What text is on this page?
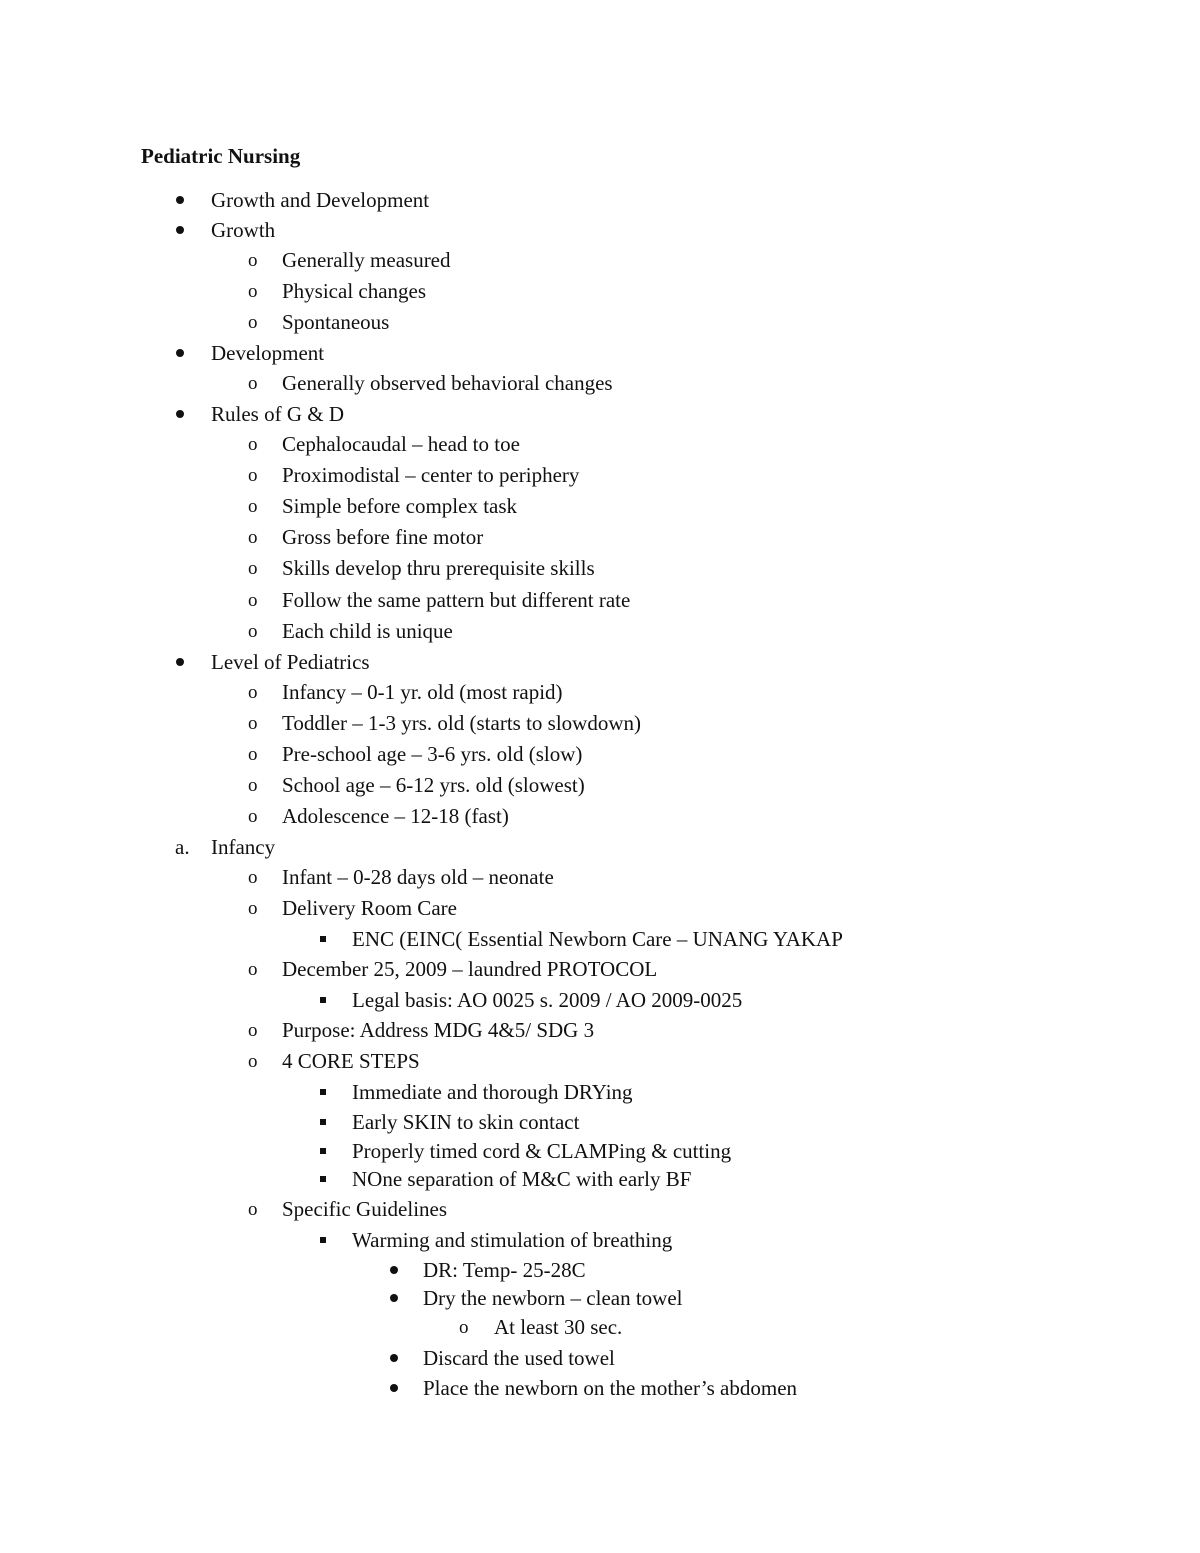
Pediatric Nursing
Growth and Development
Growth
o Generally measured
o Physical changes
o Spontaneous
Development
o Generally observed behavioral changes
Rules of G & D
o Cephalocaudal – head to toe
o Proximodistal – center to periphery
o Simple before complex task
o Gross before fine motor
o Skills develop thru prerequisite skills
o Follow the same pattern but different rate
o Each child is unique
Level of Pediatrics
o Infancy – 0-1 yr. old (most rapid)
o Toddler – 1-3 yrs. old (starts to slowdown)
o Pre-school age – 3-6 yrs. old (slow)
o School age – 6-12 yrs. old (slowest)
o Adolescence – 12-18 (fast)
a. Infancy
o Infant – 0-28 days old – neonate
o Delivery Room Care
ENC (EINC( Essential Newborn Care – UNANG YAKAP
o December 25, 2009 – laundred PROTOCOL
Legal basis: AO 0025 s. 2009 / AO 2009-0025
o Purpose: Address MDG 4&5/ SDG 3
o 4 CORE STEPS
Immediate and thorough DRYing
Early SKIN to skin contact
Properly timed cord & CLAMPing & cutting
NOne separation of M&C with early BF
o Specific Guidelines
Warming and stimulation of breathing
DR: Temp- 25-28C
Dry the newborn – clean towel
o At least 30 sec.
Discard the used towel
Place the newborn on the mother’s abdomen
